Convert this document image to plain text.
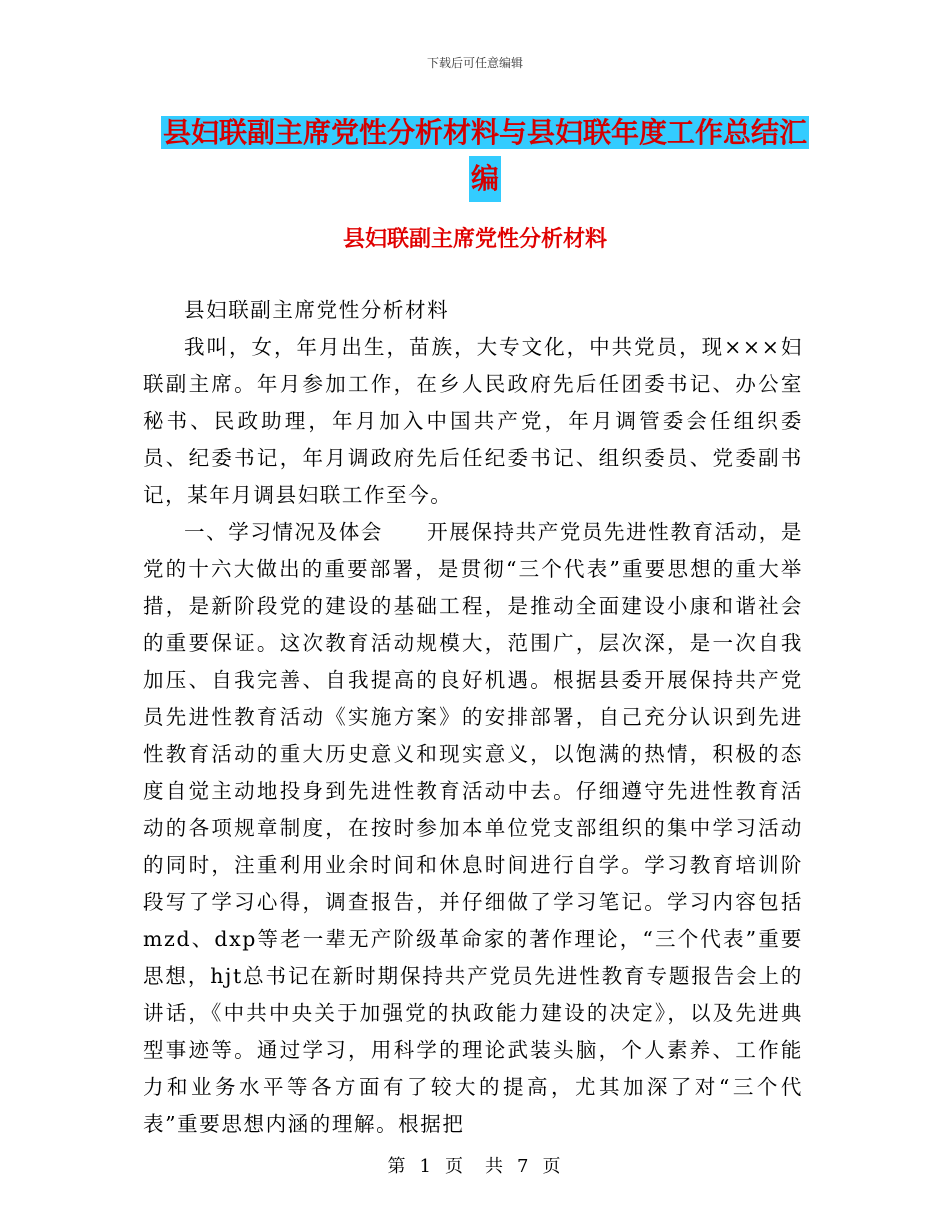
下载后可任意编辑
县妇联副主席党性分析材料与县妇联年度工作总结汇
编
县妇联副主席党性分析材料

县妇联副主席党性分析材料

我叫，女，年月出生，苗族，大专文化，中共党员，现×××妇联副主席。年月参加工作，在乡人民政府先后任团委书记、办公室秘书、民政助理，年月加入中国共产党，年月调管委会任组织委员、纪委书记，年月调政府先后任纪委书记、组织委员、党委副书记，某年月调县妇联工作至今。

一、学习情况及体会　　开展保持共产党员先进性教育活动，是党的十六大做出的重要部署，是贯彻“三个代表”重要思想的重大举措，是新阶段党的建设的基础工程，是推动全面建设小康和谐社会的重要保证。这次教育活动规模大，范围广，层次深，是一次自我加压、自我完善、自我提高的良好机遇。根据县委开展保持共产党员先进性教育活动《实施方案》的安排部署，自己充分认识到先进性教育活动的重大历史意义和现实意义，以饱满的热情，积极的态度自觉主动地投身到先进性教育活动中去。仔细遵守先进性教育活动的各项规章制度，在按时参加本单位党支部组织的集中学习活动的同时，注重利用业余时间和休息时间进行自学。学习教育培训阶段写了学习心得，调查报告，并仔细做了学习笔记。学习内容包括mzd、dxp等老一辈无产阶级革命家的著作理论，“三个代表”重要思想，hjt总书记在新时期保持共产党员先进性教育专题报告会上的讲话，《中共中央关于加强党的执政能力建设的决定》，以及先进典型事迹等。通过学习，用科学的理论武装头脑，个人素养、工作能力和业务水平等各方面有了较大的提高，尤其加深了对“三个代表”重要思想内涵的理解。根据把

第 1 页　共 7 页
